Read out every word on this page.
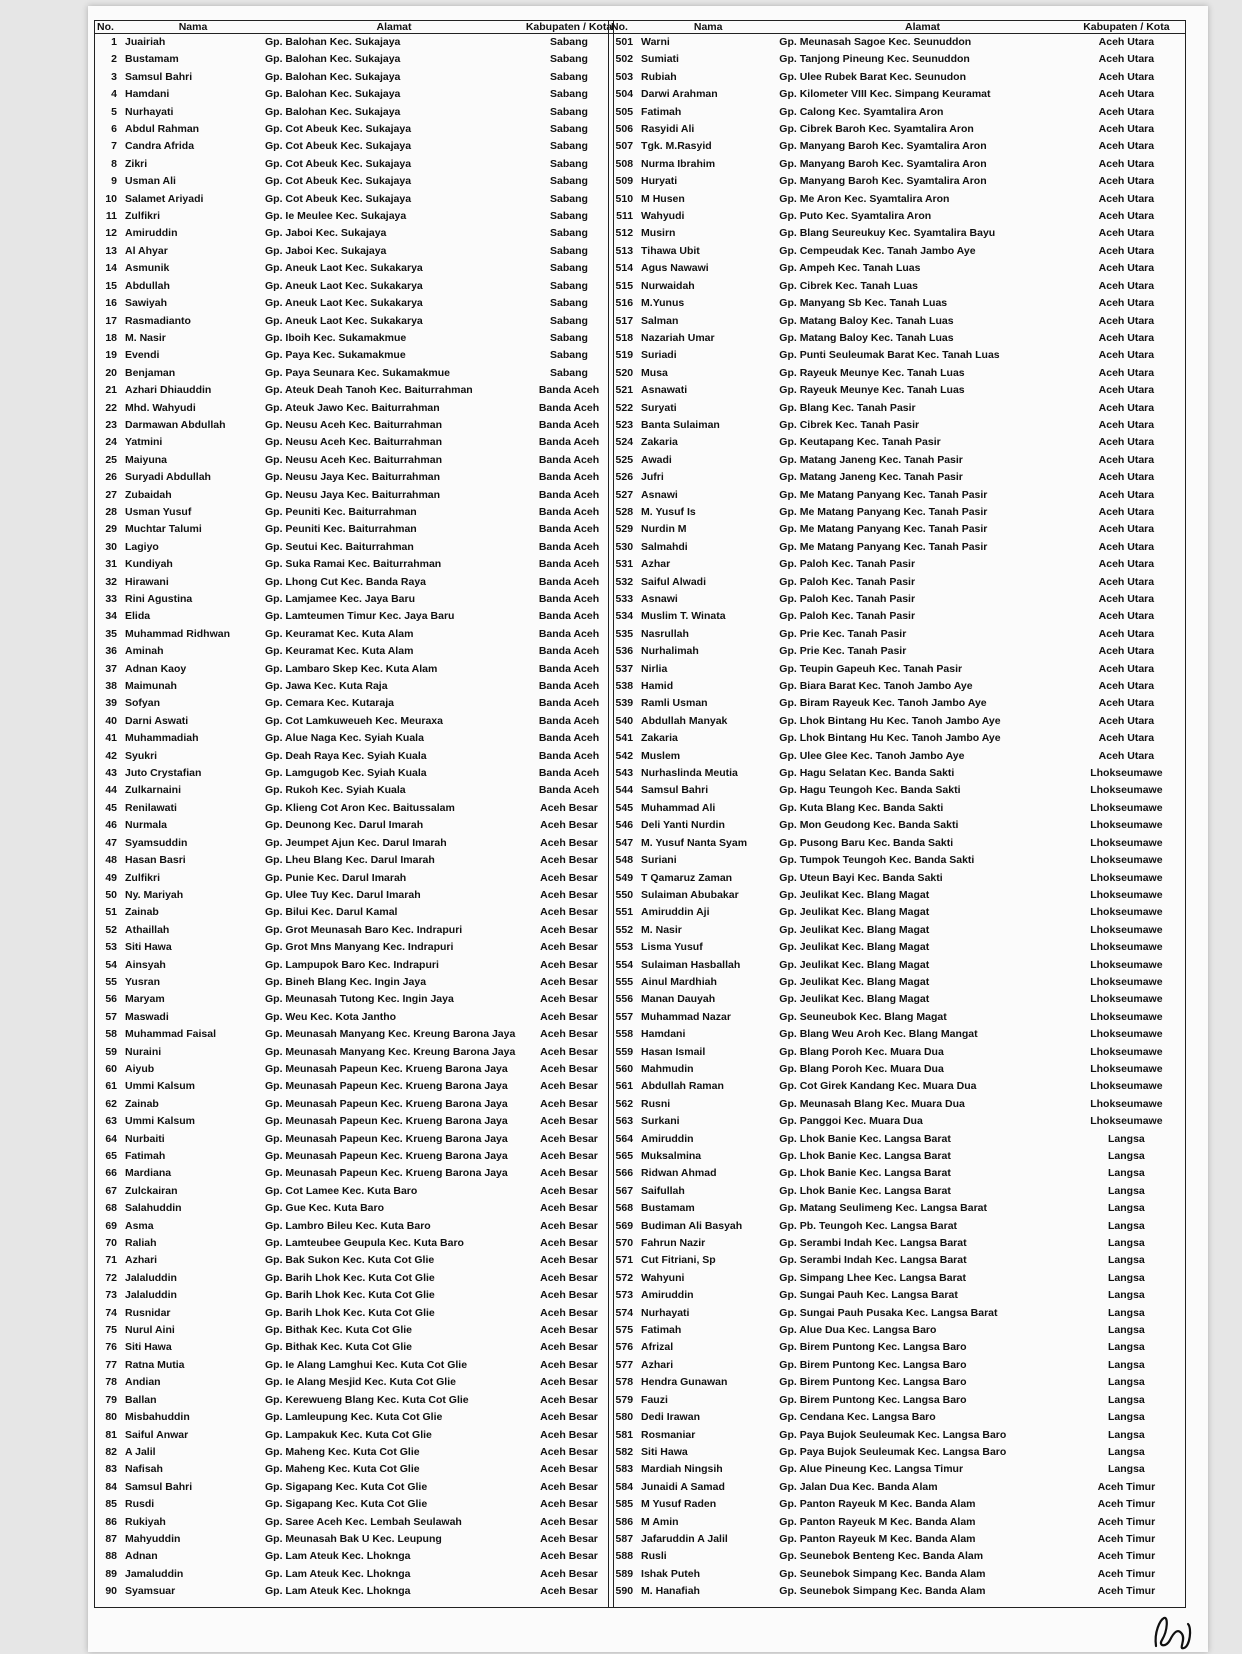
No.	Nama	Alamat	Kabupaten / Kota
1	Juairiah	Gp. Balohan Kec. Sukajaya	Sabang
2	Bustamam	Gp. Balohan Kec. Sukajaya	Sabang
3	Samsul Bahri	Gp. Balohan Kec. Sukajaya	Sabang
4	Hamdani	Gp. Balohan Kec. Sukajaya	Sabang
5	Nurhayati	Gp. Balohan Kec. Sukajaya	Sabang
6	Abdul Rahman	Gp. Cot Abeuk Kec. Sukajaya	Sabang
7	Candra Afrida	Gp. Cot Abeuk Kec. Sukajaya	Sabang
8	Zikri	Gp. Cot Abeuk Kec. Sukajaya	Sabang
9	Usman Ali	Gp. Cot Abeuk Kec. Sukajaya	Sabang
10	Salamet Ariyadi	Gp. Cot Abeuk Kec. Sukajaya	Sabang
11	Zulfikri	Gp. Ie Meulee Kec. Sukajaya	Sabang
12	Amiruddin	Gp. Jaboi Kec. Sukajaya	Sabang
13	Al Ahyar	Gp. Jaboi Kec. Sukajaya	Sabang
14	Asmunik	Gp. Aneuk Laot Kec. Sukakarya	Sabang
15	Abdullah	Gp. Aneuk Laot Kec. Sukakarya	Sabang
16	Sawiyah	Gp. Aneuk Laot Kec. Sukakarya	Sabang
17	Rasmadianto	Gp. Aneuk Laot Kec. Sukakarya	Sabang
18	M. Nasir	Gp. Iboih Kec. Sukamakmue	Sabang
19	Evendi	Gp. Paya Kec. Sukamakmue	Sabang
20	Benjaman	Gp. Paya Seunara Kec. Sukamakmue	Sabang
21	Azhari Dhiauddin	Gp. Ateuk Deah Tanoh Kec. Baiturrahman	Banda Aceh
22	Mhd. Wahyudi	Gp. Ateuk Jawo Kec. Baiturrahman	Banda Aceh
23	Darmawan Abdullah	Gp. Neusu Aceh Kec. Baiturrahman	Banda Aceh
24	Yatmini	Gp. Neusu Aceh Kec. Baiturrahman	Banda Aceh
25	Maiyuna	Gp. Neusu Aceh Kec. Baiturrahman	Banda Aceh
26	Suryadi Abdullah	Gp. Neusu Jaya Kec. Baiturrahman	Banda Aceh
27	Zubaidah	Gp. Neusu Jaya Kec. Baiturrahman	Banda Aceh
28	Usman Yusuf	Gp. Peuniti Kec. Baiturrahman	Banda Aceh
29	Muchtar Talumi	Gp. Peuniti Kec. Baiturrahman	Banda Aceh
30	Lagiyo	Gp. Seutui Kec. Baiturrahman	Banda Aceh
31	Kundiyah	Gp. Suka Ramai Kec. Baiturrahman	Banda Aceh
32	Hirawani	Gp. Lhong Cut Kec. Banda Raya	Banda Aceh
33	Rini Agustina	Gp. Lamjamee Kec. Jaya Baru	Banda Aceh
34	Elida	Gp. Lamteumen Timur Kec. Jaya Baru	Banda Aceh
35	Muhammad Ridhwan	Gp. Keuramat Kec. Kuta Alam	Banda Aceh
36	Aminah	Gp. Keuramat Kec. Kuta Alam	Banda Aceh
37	Adnan Kaoy	Gp. Lambaro Skep Kec. Kuta Alam	Banda Aceh
38	Maimunah	Gp. Jawa Kec. Kuta Raja	Banda Aceh
39	Sofyan	Gp. Cemara Kec. Kutaraja	Banda Aceh
40	Darni Aswati	Gp. Cot Lamkuweueh Kec. Meuraxa	Banda Aceh
41	Muhammadiah	Gp. Alue Naga Kec. Syiah Kuala	Banda Aceh
42	Syukri	Gp. Deah Raya Kec. Syiah Kuala	Banda Aceh
43	Juto Crystafian	Gp. Lamgugob Kec. Syiah Kuala	Banda Aceh
44	Zulkarnaini	Gp. Rukoh Kec. Syiah Kuala	Banda Aceh
45	Renilawati	Gp. Klieng Cot Aron Kec. Baitussalam	Aceh Besar
46	Nurmala	Gp. Deunong Kec. Darul Imarah	Aceh Besar
47	Syamsuddin	Gp. Jeumpet Ajun Kec. Darul Imarah	Aceh Besar
48	Hasan Basri	Gp. Lheu Blang Kec. Darul Imarah	Aceh Besar
49	Zulfikri	Gp. Punie Kec. Darul Imarah	Aceh Besar
50	Ny. Mariyah	Gp. Ulee Tuy Kec. Darul Imarah	Aceh Besar
51	Zainab	Gp. Bilui Kec. Darul Kamal	Aceh Besar
52	Athaillah	Gp. Grot Meunasah Baro Kec. Indrapuri	Aceh Besar
53	Siti Hawa	Gp. Grot Mns Manyang Kec. Indrapuri	Aceh Besar
54	Ainsyah	Gp. Lampupok Baro Kec. Indrapuri	Aceh Besar
55	Yusran	Gp. Bineh Blang Kec. Ingin Jaya	Aceh Besar
56	Maryam	Gp. Meunasah Tutong Kec. Ingin Jaya	Aceh Besar
57	Maswadi	Gp. Weu Kec. Kota Jantho	Aceh Besar
58	Muhammad Faisal	Gp. Meunasah Manyang Kec. Kreung Barona Jaya	Aceh Besar
59	Nuraini	Gp. Meunasah Manyang Kec. Kreung Barona Jaya	Aceh Besar
60	Aiyub	Gp. Meunasah Papeun Kec. Krueng Barona Jaya	Aceh Besar
61	Ummi Kalsum	Gp. Meunasah Papeun Kec. Krueng Barona Jaya	Aceh Besar
62	Zainab	Gp. Meunasah Papeun Kec. Krueng Barona Jaya	Aceh Besar
63	Ummi Kalsum	Gp. Meunasah Papeun Kec. Krueng Barona Jaya	Aceh Besar
64	Nurbaiti	Gp. Meunasah Papeun Kec. Krueng Barona Jaya	Aceh Besar
65	Fatimah	Gp. Meunasah Papeun Kec. Krueng Barona Jaya	Aceh Besar
66	Mardiana	Gp. Meunasah Papeun Kec. Krueng Barona Jaya	Aceh Besar
67	Zulckairan	Gp. Cot Lamee Kec. Kuta Baro	Aceh Besar
68	Salahuddin	Gp. Gue Kec. Kuta Baro	Aceh Besar
69	Asma	Gp. Lambro Bileu Kec. Kuta Baro	Aceh Besar
70	Raliah	Gp. Lamteubee Geupula Kec. Kuta Baro	Aceh Besar
71	Azhari	Gp. Bak Sukon Kec. Kuta Cot Glie	Aceh Besar
72	Jalaluddin	Gp. Barih Lhok Kec. Kuta Cot Glie	Aceh Besar
73	Jalaluddin	Gp. Barih Lhok Kec. Kuta Cot Glie	Aceh Besar
74	Rusnidar	Gp. Barih Lhok Kec. Kuta Cot Glie	Aceh Besar
75	Nurul Aini	Gp. Bithak Kec. Kuta Cot Glie	Aceh Besar
76	Siti Hawa	Gp. Bithak Kec. Kuta Cot Glie	Aceh Besar
77	Ratna Mutia	Gp. Ie Alang Lamghui Kec. Kuta Cot Glie	Aceh Besar
78	Andian	Gp. Ie Alang Mesjid Kec. Kuta Cot Glie	Aceh Besar
79	Ballan	Gp. Kerewueng Blang Kec. Kuta Cot Glie	Aceh Besar
80	Misbahuddin	Gp. Lamleupung Kec. Kuta Cot Glie	Aceh Besar
81	Saiful Anwar	Gp. Lampakuk Kec. Kuta Cot Glie	Aceh Besar
82	A Jalil	Gp. Maheng Kec. Kuta Cot Glie	Aceh Besar
83	Nafisah	Gp. Maheng Kec. Kuta Cot Glie	Aceh Besar
84	Samsul Bahri	Gp. Sigapang Kec. Kuta Cot Glie	Aceh Besar
85	Rusdi	Gp. Sigapang Kec. Kuta Cot Glie	Aceh Besar
86	Rukiyah	Gp. Saree Aceh Kec. Lembah Seulawah	Aceh Besar
87	Mahyuddin	Gp. Meunasah Bak U Kec. Leupung	Aceh Besar
88	Adnan	Gp. Lam Ateuk Kec. Lhoknga	Aceh Besar
89	Jamaluddin	Gp. Lam Ateuk Kec. Lhoknga	Aceh Besar
90	Syamsuar	Gp. Lam Ateuk Kec. Lhoknga	Aceh Besar
No.	Nama	Alamat	Kabupaten / Kota
501	Warni	Gp. Meunasah Sagoe Kec. Seunuddon	Aceh Utara
502	Sumiati	Gp. Tanjong Pineung Kec. Seunuddon	Aceh Utara
503	Rubiah	Gp. Ulee Rubek Barat Kec. Seunudon	Aceh Utara
504	Darwi Arahman	Gp. Kilometer VIII Kec. Simpang Keuramat	Aceh Utara
505	Fatimah	Gp. Calong Kec. Syamtalira Aron	Aceh Utara
506	Rasyidi Ali	Gp. Cibrek Baroh Kec. Syamtalira Aron	Aceh Utara
507	Tgk. M.Rasyid	Gp. Manyang Baroh Kec. Syamtalira Aron	Aceh Utara
508	Nurma Ibrahim	Gp. Manyang Baroh Kec. Syamtalira Aron	Aceh Utara
509	Huryati	Gp. Manyang Baroh Kec. Syamtalira Aron	Aceh Utara
510	M Husen	Gp. Me Aron Kec. Syamtalira Aron	Aceh Utara
511	Wahyudi	Gp. Puto Kec. Syamtalira Aron	Aceh Utara
512	Musirn	Gp. Blang Seureukuy Kec. Syamtalira Bayu	Aceh Utara
513	Tihawa Ubit	Gp. Cempeudak Kec. Tanah Jambo Aye	Aceh Utara
514	Agus Nawawi	Gp. Ampeh Kec. Tanah Luas	Aceh Utara
515	Nurwaidah	Gp. Cibrek Kec. Tanah Luas	Aceh Utara
516	M.Yunus	Gp. Manyang Sb Kec. Tanah Luas	Aceh Utara
517	Salman	Gp. Matang Baloy Kec. Tanah Luas	Aceh Utara
518	Nazariah Umar	Gp. Matang Baloy Kec. Tanah Luas	Aceh Utara
519	Suriadi	Gp. Punti Seuleumak Barat Kec. Tanah Luas	Aceh Utara
520	Musa	Gp. Rayeuk Meunye Kec. Tanah Luas	Aceh Utara
521	Asnawati	Gp. Rayeuk Meunye Kec. Tanah Luas	Aceh Utara
522	Suryati	Gp. Blang Kec. Tanah Pasir	Aceh Utara
523	Banta Sulaiman	Gp. Cibrek Kec. Tanah Pasir	Aceh Utara
524	Zakaria	Gp. Keutapang Kec. Tanah Pasir	Aceh Utara
525	Awadi	Gp. Matang Janeng Kec. Tanah Pasir	Aceh Utara
526	Jufri	Gp. Matang Janeng Kec. Tanah Pasir	Aceh Utara
527	Asnawi	Gp. Me Matang Panyang Kec. Tanah Pasir	Aceh Utara
528	M. Yusuf Is	Gp. Me Matang Panyang Kec. Tanah Pasir	Aceh Utara
529	Nurdin M	Gp. Me Matang Panyang Kec. Tanah Pasir	Aceh Utara
530	Salmahdi	Gp. Me Matang Panyang Kec. Tanah Pasir	Aceh Utara
531	Azhar	Gp. Paloh Kec. Tanah Pasir	Aceh Utara
532	Saiful Alwadi	Gp. Paloh Kec. Tanah Pasir	Aceh Utara
533	Asnawi	Gp. Paloh Kec. Tanah Pasir	Aceh Utara
534	Muslim T. Winata	Gp. Paloh Kec. Tanah Pasir	Aceh Utara
535	Nasrullah	Gp. Prie Kec. Tanah Pasir	Aceh Utara
536	Nurhalimah	Gp. Prie Kec. Tanah Pasir	Aceh Utara
537	Nirlia	Gp. Teupin Gapeuh Kec. Tanah Pasir	Aceh Utara
538	Hamid	Gp. Biara Barat Kec. Tanoh Jambo Aye	Aceh Utara
539	Ramli Usman	Gp. Biram Rayeuk Kec. Tanoh Jambo Aye	Aceh Utara
540	Abdullah Manyak	Gp. Lhok Bintang Hu Kec. Tanoh Jambo Aye	Aceh Utara
541	Zakaria	Gp. Lhok Bintang Hu Kec. Tanoh Jambo Aye	Aceh Utara
542	Muslem	Gp. Ulee Glee Kec. Tanoh Jambo Aye	Aceh Utara
543	Nurhaslinda Meutia	Gp. Hagu Selatan Kec. Banda Sakti	Lhokseumawe
544	Samsul Bahri	Gp. Hagu Teungoh Kec. Banda Sakti	Lhokseumawe
545	Muhammad Ali	Gp. Kuta Blang Kec. Banda Sakti	Lhokseumawe
546	Deli Yanti Nurdin	Gp. Mon Geudong Kec. Banda Sakti	Lhokseumawe
547	M. Yusuf Nanta Syam	Gp. Pusong Baru Kec. Banda Sakti	Lhokseumawe
548	Suriani	Gp. Tumpok Teungoh Kec. Banda Sakti	Lhokseumawe
549	T Qamaruz Zaman	Gp. Uteun Bayi Kec. Banda Sakti	Lhokseumawe
550	Sulaiman Abubakar	Gp. Jeulikat Kec. Blang Magat	Lhokseumawe
551	Amiruddin Aji	Gp. Jeulikat Kec. Blang Magat	Lhokseumawe
552	M. Nasir	Gp. Jeulikat Kec. Blang Magat	Lhokseumawe
553	Lisma Yusuf	Gp. Jeulikat Kec. Blang Magat	Lhokseumawe
554	Sulaiman Hasballah	Gp. Jeulikat Kec. Blang Magat	Lhokseumawe
555	Ainul Mardhiah	Gp. Jeulikat Kec. Blang Magat	Lhokseumawe
556	Manan Dauyah	Gp. Jeulikat Kec. Blang Magat	Lhokseumawe
557	Muhammad Nazar	Gp. Seuneubok Kec. Blang Magat	Lhokseumawe
558	Hamdani	Gp. Blang Weu Aroh Kec. Blang Mangat	Lhokseumawe
559	Hasan Ismail	Gp. Blang Poroh Kec. Muara Dua	Lhokseumawe
560	Mahmudin	Gp. Blang Poroh Kec. Muara Dua	Lhokseumawe
561	Abdullah Raman	Gp. Cot Girek Kandang Kec. Muara Dua	Lhokseumawe
562	Rusni	Gp. Meunasah Blang Kec. Muara Dua	Lhokseumawe
563	Surkani	Gp. Panggoi Kec. Muara Dua	Lhokseumawe
564	Amiruddin	Gp. Lhok Banie Kec. Langsa Barat	Langsa
565	Muksalmina	Gp. Lhok Banie Kec. Langsa Barat	Langsa
566	Ridwan Ahmad	Gp. Lhok Banie Kec. Langsa Barat	Langsa
567	Saifullah	Gp. Lhok Banie Kec. Langsa Barat	Langsa
568	Bustamam	Gp. Matang Seulimeng Kec. Langsa Barat	Langsa
569	Budiman Ali Basyah	Gp. Pb. Teungoh Kec. Langsa Barat	Langsa
570	Fahrun Nazir	Gp. Serambi Indah Kec. Langsa Barat	Langsa
571	Cut Fitriani, Sp	Gp. Serambi Indah Kec. Langsa Barat	Langsa
572	Wahyuni	Gp. Simpang Lhee Kec. Langsa Barat	Langsa
573	Amiruddin	Gp. Sungai Pauh Kec. Langsa Barat	Langsa
574	Nurhayati	Gp. Sungai Pauh Pusaka Kec. Langsa Barat	Langsa
575	Fatimah	Gp. Alue Dua Kec. Langsa Baro	Langsa
576	Afrizal	Gp. Birem Puntong Kec. Langsa Baro	Langsa
577	Azhari	Gp. Birem Puntong Kec. Langsa Baro	Langsa
578	Hendra Gunawan	Gp. Birem Puntong Kec. Langsa Baro	Langsa
579	Fauzi	Gp. Birem Puntong Kec. Langsa Baro	Langsa
580	Dedi Irawan	Gp. Cendana Kec. Langsa Baro	Langsa
581	Rosmaniar	Gp. Paya Bujok Seuleumak Kec. Langsa Baro	Langsa
582	Siti Hawa	Gp. Paya Bujok Seuleumak Kec. Langsa Baro	Langsa
583	Mardiah Ningsih	Gp. Alue Pineung Kec. Langsa Timur	Langsa
584	Junaidi A Samad	Gp. Jalan Dua Kec. Banda Alam	Aceh Timur
585	M Yusuf Raden	Gp. Panton Rayeuk M Kec. Banda Alam	Aceh Timur
586	M Amin	Gp. Panton Rayeuk M Kec. Banda Alam	Aceh Timur
587	Jafaruddin A Jalil	Gp. Panton Rayeuk M Kec. Banda Alam	Aceh Timur
588	Rusli	Gp. Seunebok Benteng Kec. Banda Alam	Aceh Timur
589	Ishak Puteh	Gp. Seunebok Simpang Kec. Banda Alam	Aceh Timur
590	M. Hanafiah	Gp. Seunebok Simpang Kec. Banda Alam	Aceh Timur
